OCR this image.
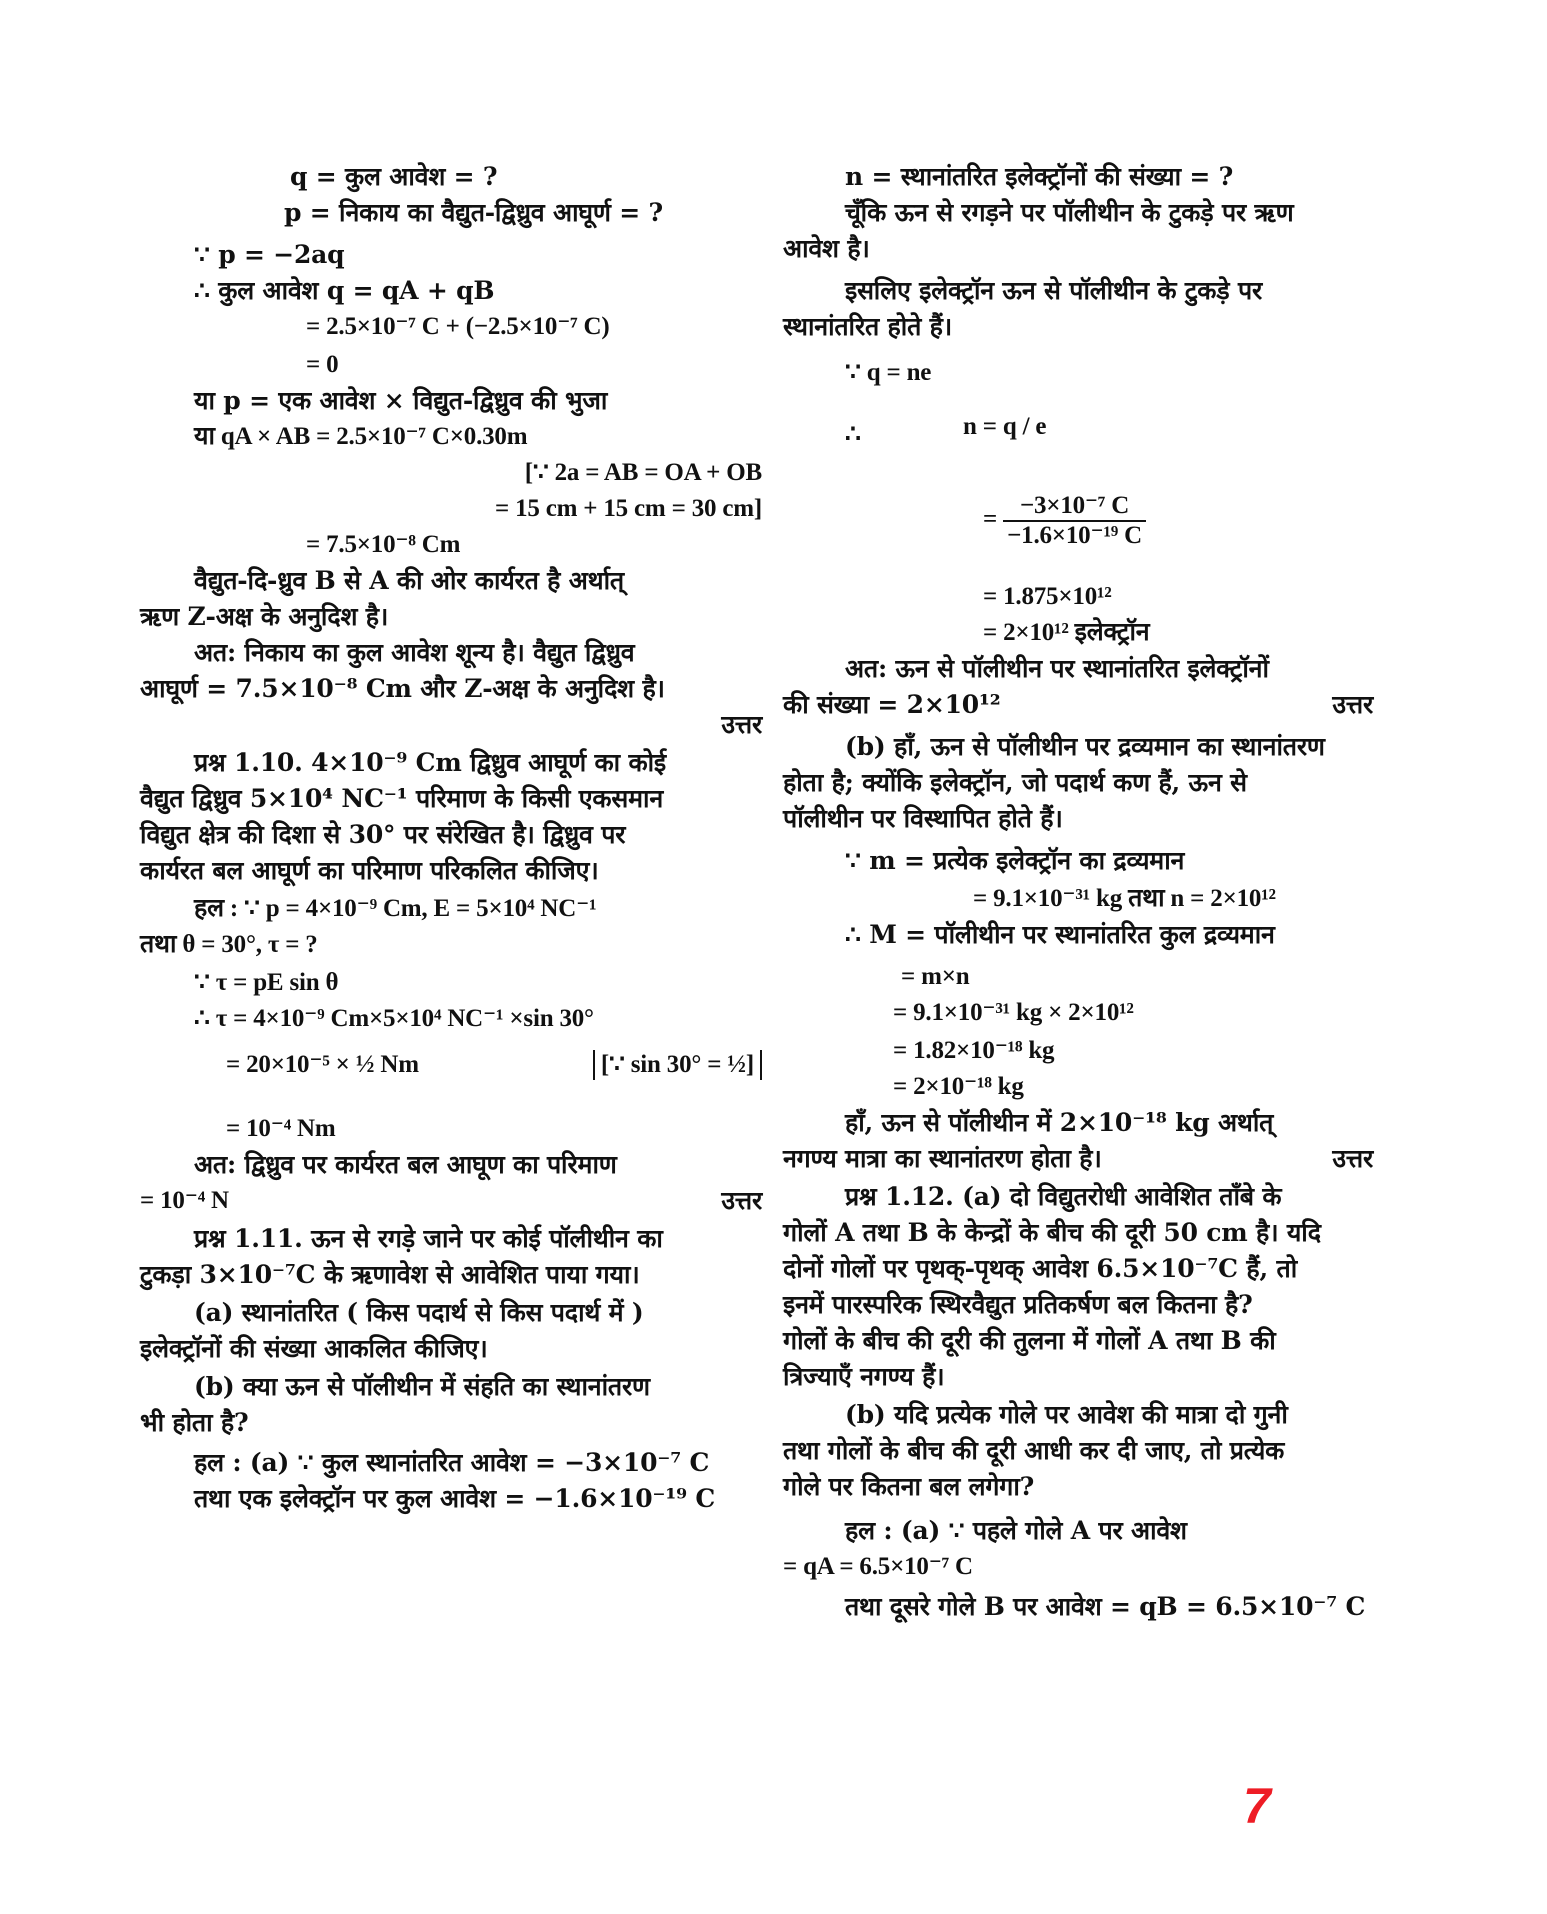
q = कुल आवेश = ?
p = निकाय का वैद्युत-द्विध्रुव आघूर्ण = ?
∵ p = −2aq
∴ कुल आवेश q = qA + qB
= 2.5×10⁻⁷ C + (−2.5×10⁻⁷ C)
= 0
या p = एक आवेश × विद्युत-द्विध्रुव की भुजा
या qA × AB = 2.5×10⁻⁷ C×0.30m
[∵ 2a = AB = OA + OB
= 15 cm + 15 cm = 30 cm]
= 7.5×10⁻⁸ Cm
वैद्युत-दि-ध्रुव B से A की ओर कार्यरत है अर्थात्
ऋण Z-अक्ष के अनुदिश है।
अत: निकाय का कुल आवेश शून्य है। वैद्युत द्विध्रुव
आघूर्ण = 7.5×10⁻⁸ Cm और Z-अक्ष के अनुदिश है।
उत्तर
प्रश्न 1.10. 4×10⁻⁹ Cm द्विध्रुव आघूर्ण का कोई
वैद्युत द्विध्रुव 5×10⁴ NC⁻¹ परिमाण के किसी एकसमान
विद्युत क्षेत्र की दिशा से 30° पर संरेखित है। द्विध्रुव पर
कार्यरत बल आघूर्ण का परिमाण परिकलित कीजिए।
हल : ∵ p = 4×10⁻⁹ Cm, E = 5×10⁴ NC⁻¹
तथा θ = 30°, τ = ?
∵ τ = pE sin θ
∴ τ = 4×10⁻⁹ Cm×5×10⁴ NC⁻¹ ×sin 30°
= 20×10⁻⁵ × ½ Nm	[∵ sin 30° = ½]
= 10⁻⁴ Nm
अत: द्विध्रुव पर कार्यरत बल आघूण का परिमाण
= 10⁻⁴ N	उत्तर
प्रश्न 1.11. ऊन से रगड़े जाने पर कोई पॉलीथीन का
टुकड़ा 3×10⁻⁷C के ऋणावेश से आवेशित पाया गया।
(a) स्थानांतरित ( किस पदार्थ से किस पदार्थ में )
इलेक्ट्रॉनों की संख्या आकलित कीजिए।
(b) क्या ऊन से पॉलीथीन में संहति का स्थानांतरण
भी होता है?
हल : (a) ∵ कुल स्थानांतरित आवेश = −3×10⁻⁷ C
तथा एक इलेक्ट्रॉन पर कुल आवेश = −1.6×10⁻¹⁹ C
n = स्थानांतरित इलेक्ट्रॉनों की संख्या = ?
चूँकि ऊन से रगड़ने पर पॉलीथीन के टुकड़े पर ऋण
आवेश है।
इसलिए इलेक्ट्रॉन ऊन से पॉलीथीन के टुकड़े पर
स्थानांतरित होते हैं।
∵ q = ne
∴	n = q / e
= $\frac{\text{−3×10⁻⁷ C}}{\text{−1.6×10⁻¹⁹ C}}$
= 1.875×10¹²
= 2×10¹² इलेक्ट्रॉन
अत: ऊन से पॉलीथीन पर स्थानांतरित इलेक्ट्रॉनों
की संख्या = 2×10¹²	उत्तर
(b) हाँ, ऊन से पॉलीथीन पर द्रव्यमान का स्थानांतरण
होता है; क्योंकि इलेक्ट्रॉन, जो पदार्थ कण हैं, ऊन से
पॉलीथीन पर विस्थापित होते हैं।
∵ m = प्रत्येक इलेक्ट्रॉन का द्रव्यमान
= 9.1×10⁻³¹ kg तथा n = 2×10¹²
∴ M = पॉलीथीन पर स्थानांतरित कुल द्रव्यमान
= m×n
= 9.1×10⁻³¹ kg × 2×10¹²
= 1.82×10⁻¹⁸ kg
= 2×10⁻¹⁸ kg
हाँ, ऊन से पॉलीथीन में 2×10⁻¹⁸ kg अर्थात्
नगण्य मात्रा का स्थानांतरण होता है।	उत्तर
प्रश्न 1.12. (a) दो विद्युतरोधी आवेशित ताँबे के
गोलों A तथा B के केन्द्रों के बीच की दूरी 50 cm है। यदि
दोनों गोलों पर पृथक्-पृथक् आवेश 6.5×10⁻⁷C हैं, तो
इनमें पारस्परिक स्थिरवैद्युत प्रतिकर्षण बल कितना है?
गोलों के बीच की दूरी की तुलना में गोलों A तथा B की
त्रिज्याएँ नगण्य हैं।
(b) यदि प्रत्येक गोले पर आवेश की मात्रा दो गुनी
तथा गोलों के बीच की दूरी आधी कर दी जाए, तो प्रत्येक
गोले पर कितना बल लगेगा?
हल : (a) ∵ पहले गोले A पर आवेश
= qA = 6.5×10⁻⁷ C
तथा दूसरे गोले B पर आवेश = qB = 6.5×10⁻⁷ C
7
